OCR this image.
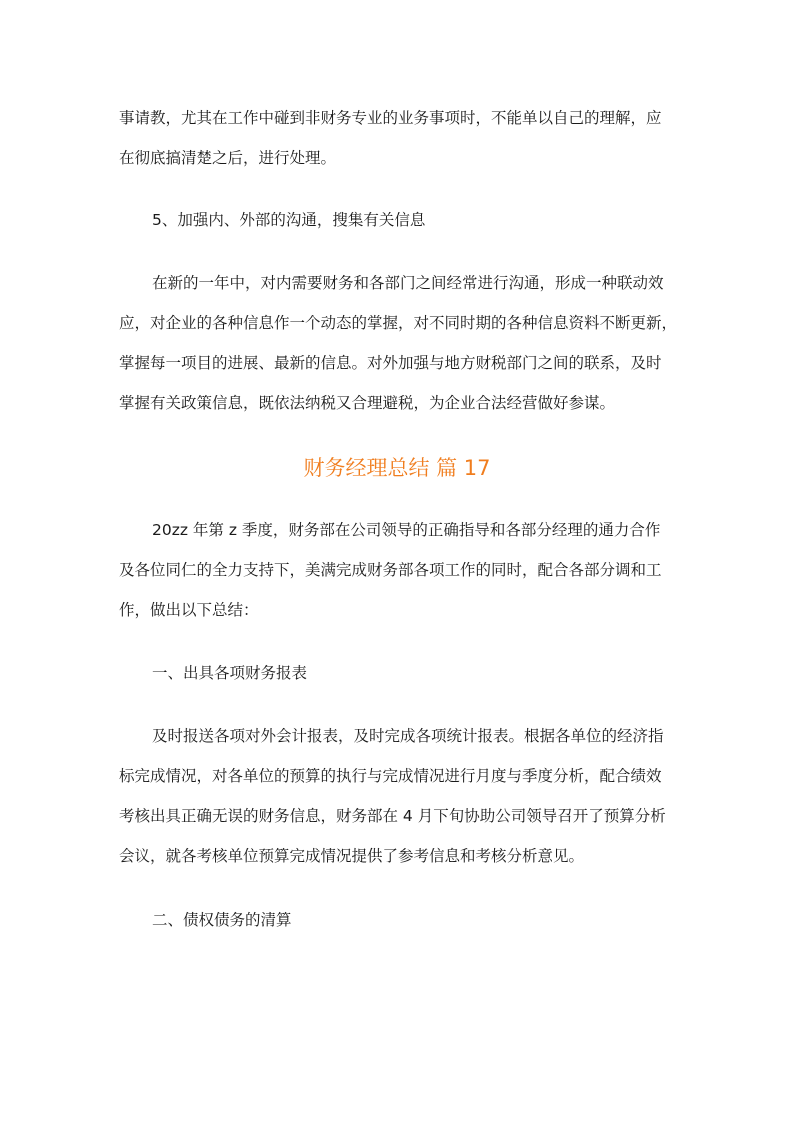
事请教，尤其在工作中碰到非财务专业的业务事项时，不能单以自己的理解，应
在彻底搞清楚之后，进行处理。

5、加强内、外部的沟通，搜集有关信息

在新的一年中，对内需要财务和各部门之间经常进行沟通，形成一种联动效
应，对企业的各种信息作一个动态的掌握，对不同时期的各种信息资料不断更新，
掌握每一项目的进展、最新的信息。对外加强与地方财税部门之间的联系，及时
掌握有关政策信息，既依法纳税又合理避税，为企业合法经营做好参谋。

财务经理总结 篇 17

20zz 年第 z 季度，财务部在公司领导的正确指导和各部分经理的通力合作
及各位同仁的全力支持下，美满完成财务部各项工作的同时，配合各部分调和工
作，做出以下总结：

一、出具各项财务报表

及时报送各项对外会计报表，及时完成各项统计报表。根据各单位的经济指
标完成情况，对各单位的预算的执行与完成情况进行月度与季度分析，配合绩效
考核出具正确无误的财务信息，财务部在 4 月下旬协助公司领导召开了预算分析
会议，就各考核单位预算完成情况提供了参考信息和考核分析意见。

二、债权债务的清算
